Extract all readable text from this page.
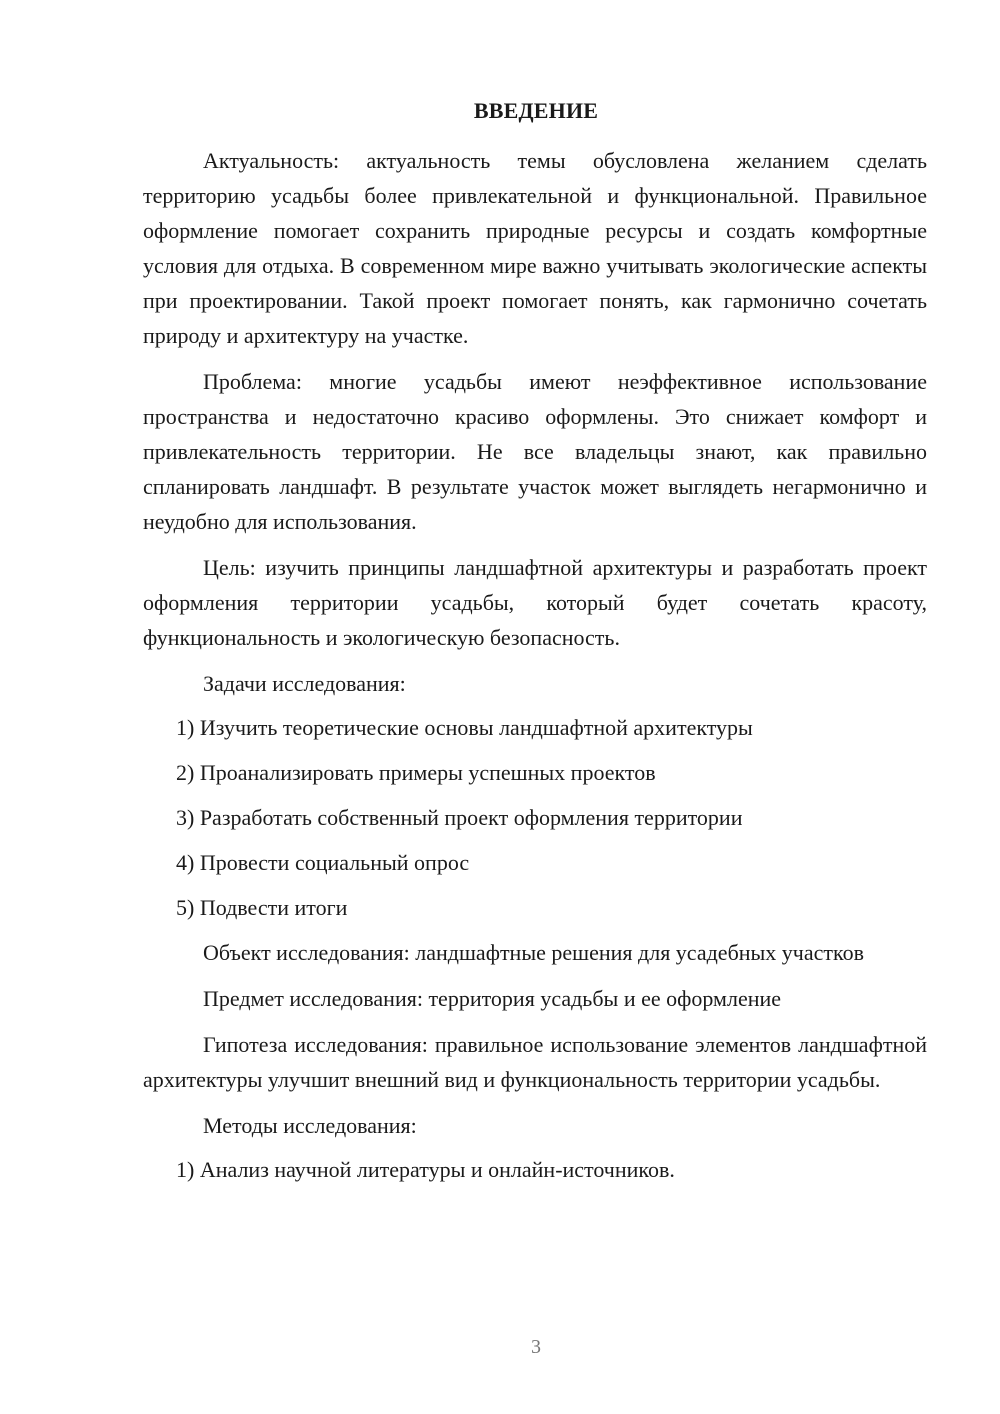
ВВЕДЕНИЕ

Актуальность: актуальность темы обусловлена желанием сделать территорию усадьбы более привлекательной и функциональной. Правильное оформление помогает сохранить природные ресурсы и создать комфортные условия для отдыха. В современном мире важно учитывать экологические аспекты при проектировании. Такой проект помогает понять, как гармонично сочетать природу и архитектуру на участке.

Проблема: многие усадьбы имеют неэффективное использование пространства и недостаточно красиво оформлены. Это снижает комфорт и привлекательность территории. Не все владельцы знают, как правильно спланировать ландшафт. В результате участок может выглядеть негармонично и неудобно для использования.

Цель: изучить принципы ландшафтной архитектуры и разработать проект оформления территории усадьбы, который будет сочетать красоту, функциональность и экологическую безопасность.

Задачи исследования:

1) Изучить теоретические основы ландшафтной архитектуры
2) Проанализировать примеры успешных проектов
3) Разработать собственный проект оформления территории
4) Провести социальный опрос
5) Подвести итоги

Объект исследования: ландшафтные решения для усадебных участков

Предмет исследования: территория усадьбы и ее оформление

Гипотеза исследования: правильное использование элементов ландшафтной архитектуры улучшит внешний вид и функциональность территории усадьбы.

Методы исследования:

1) Анализ научной литературы и онлайн-источников.
3
